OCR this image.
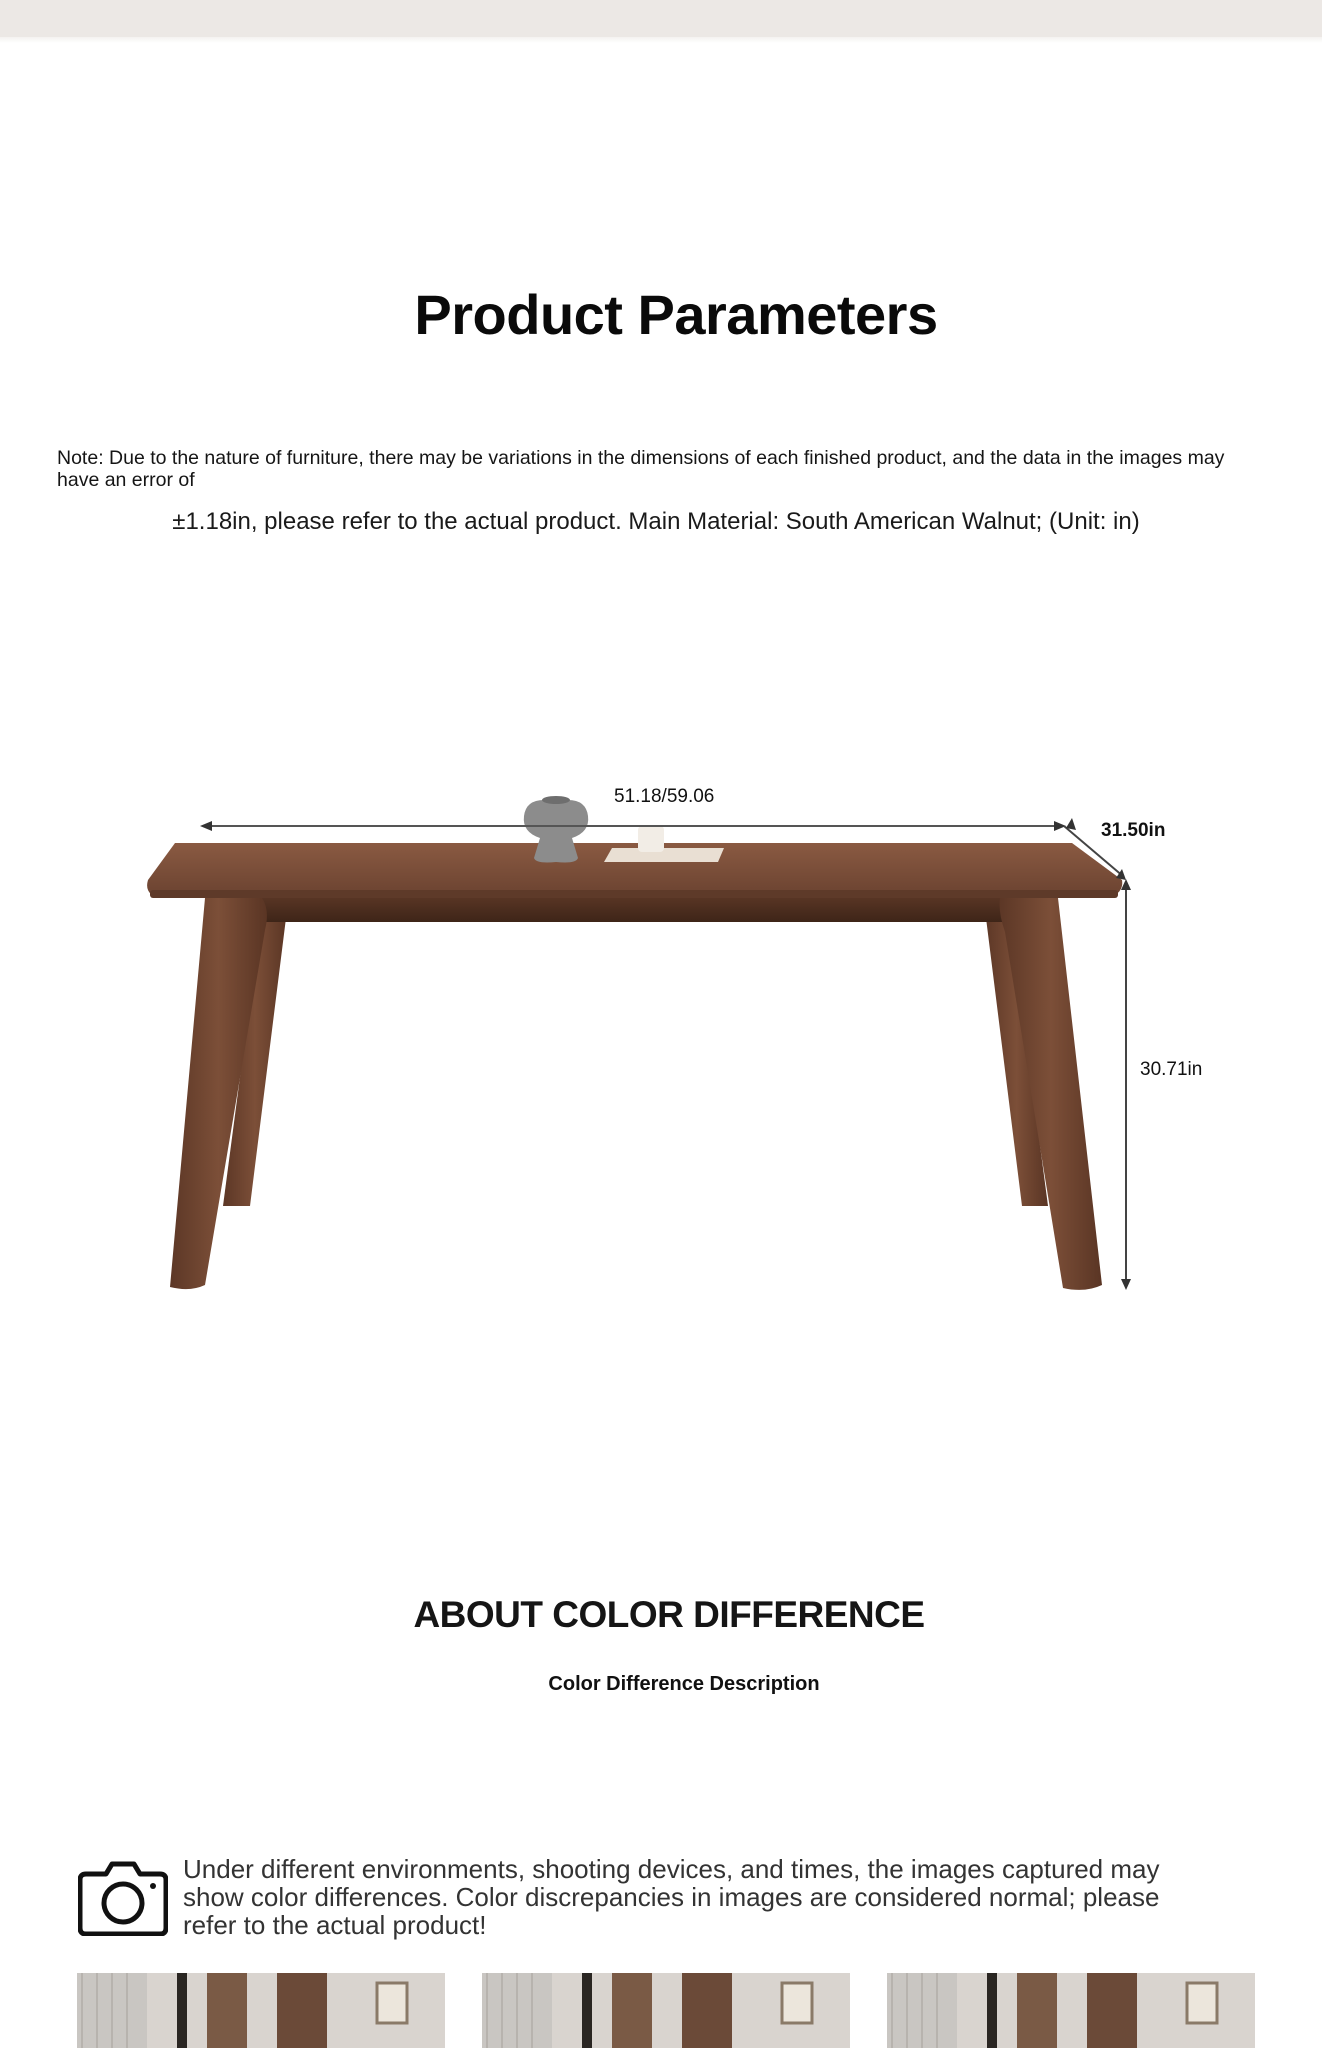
Product Parameters
Note: Due to the nature of furniture, there may be variations in the dimensions of each finished product, and the data in the images may have an error of
±1.18in, please refer to the actual product. Main Material: South American Walnut; (Unit: in)
51.18/59.06
31.50in
30.71in
ABOUT COLOR DIFFERENCE
Color Difference Description
Under different environments, shooting devices, and times, the images captured may show color differences. Color discrepancies in images are considered normal; please refer to the actual product!
